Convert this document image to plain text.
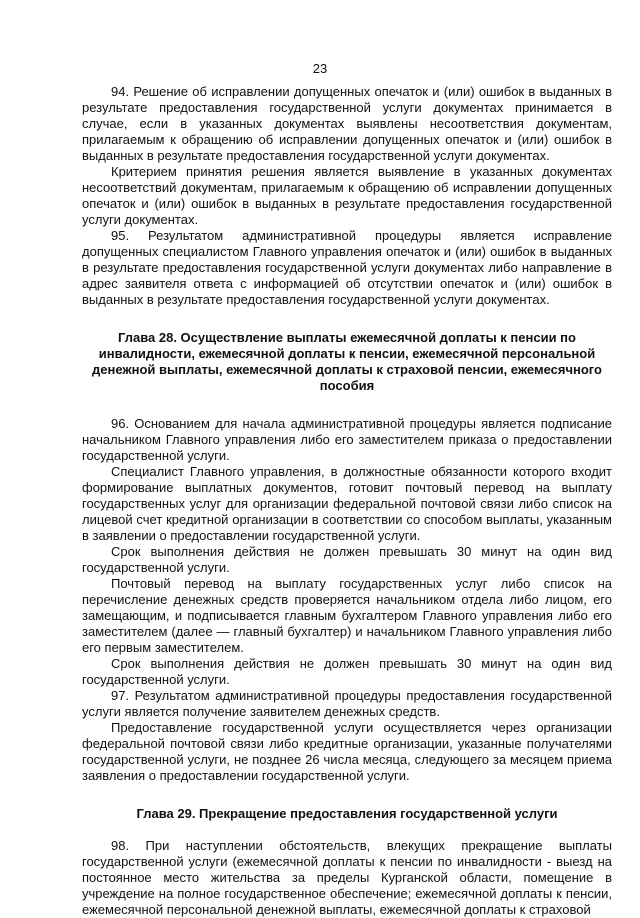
23

94. Решение об исправлении допущенных опечаток и (или) ошибок в выданных в результате предоставления государственной услуги документах принимается в случае, если в указанных документах выявлены несоответствия документам, прилагаемым к обращению об исправлении допущенных опечаток и (или) ошибок в выданных в результате предоставления государственной услуги документах.

Критерием принятия решения является выявление в указанных документах несоответствий документам, прилагаемым к обращению об исправлении допущенных опечаток и (или) ошибок в выданных в результате предоставления государственной услуги документах.

95. Результатом административной процедуры является исправление допущенных специалистом Главного управления опечаток и (или) ошибок в выданных в результате предоставления государственной услуги документах либо направление в адрес заявителя ответа с информацией об отсутствии опечаток и (или) ошибок в выданных в результате предоставления государственной услуги документах.

Глава 28. Осуществление выплаты ежемесячной доплаты к пенсии по инвалидности, ежемесячной доплаты к пенсии, ежемесячной персональной денежной выплаты, ежемесячной доплаты к страховой пенсии, ежемесячного пособия

96. Основанием для начала административной процедуры является подписание начальником Главного управления либо его заместителем приказа о предоставлении государственной услуги.

Специалист Главного управления, в должностные обязанности которого входит формирование выплатных документов, готовит почтовый перевод на выплату государственных услуг для организации федеральной почтовой связи либо список на лицевой счет кредитной организации в соответствии со способом выплаты, указанным в заявлении о предоставлении государственной услуги.

Срок выполнения действия не должен превышать 30 минут на один вид государственной услуги.

Почтовый перевод на выплату государственных услуг либо список на перечисление денежных средств проверяется начальником отдела либо лицом, его замещающим, и подписывается главным бухгалтером Главного управления либо его заместителем (далее — главный бухгалтер) и начальником Главного управления либо его первым заместителем.

Срок выполнения действия не должен превышать 30 минут на один вид государственной услуги.

97. Результатом административной процедуры предоставления государственной услуги является получение заявителем денежных средств.

Предоставление государственной услуги осуществляется через организации федеральной почтовой связи либо кредитные организации, указанные получателями государственной услуги, не позднее 26 числа месяца, следующего за месяцем приема заявления о предоставлении государственной услуги.

Глава 29. Прекращение предоставления государственной услуги

98. При наступлении обстоятельств, влекущих прекращение выплаты государственной услуги (ежемесячной доплаты к пенсии по инвалидности - выезд на постоянное место жительства за пределы Курганской области, помещение в учреждение на полное государственное обеспечение; ежемесячной доплаты к пенсии, ежемесячной персональной денежной выплаты, ежемесячной доплаты к страховой
